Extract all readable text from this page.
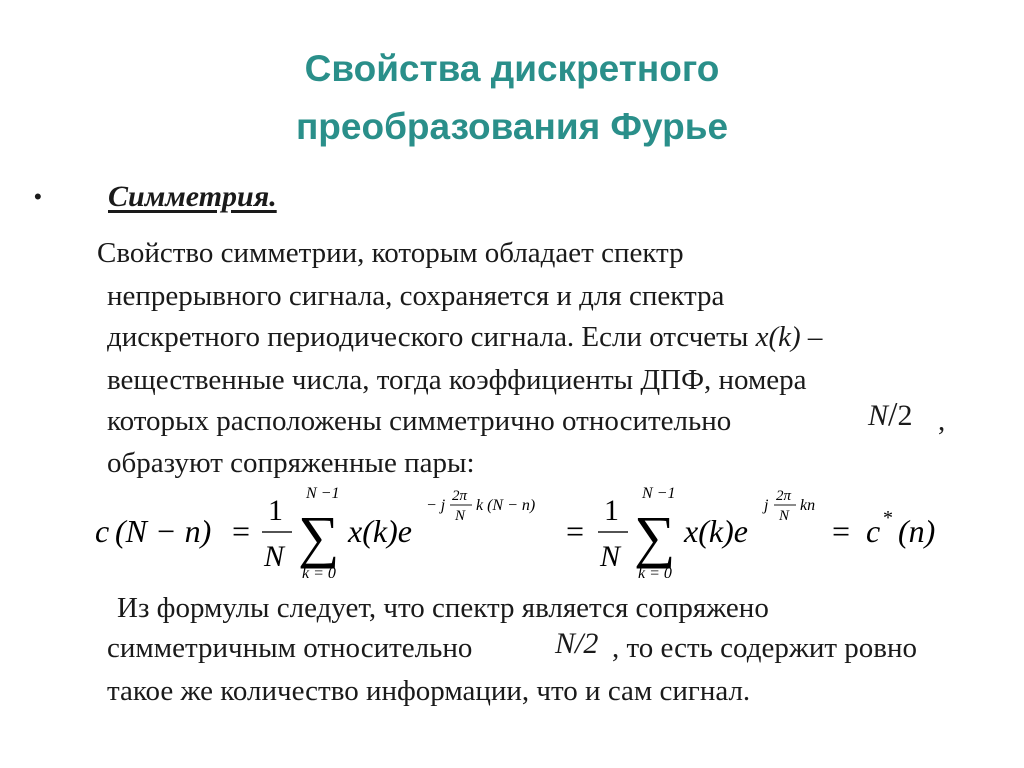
Свойства дискретного
преобразования Фурье
• Симметрия.
Свойство симметрии, которым обладает спектр
непрерывного сигнала, сохраняется и для спектра
дискретного периодического сигнала. Если отсчеты x(k) –
вещественные числа, тогда коэффициенты ДПФ, номера
которых расположены симметрично относительно	N/2 ,
образуют сопряженные пары:
c (N − n) =
1
N
N −1
∑
k = 0
x(k)e
− j
2π
N
k (N − n)
=
1
N
N −1
∑
k = 0
x(k)e
j
2π
N
kn
= c * (n)
Из формулы следует, что спектр является сопряжено
симметричным относительно	N/2 , то есть содержит ровно
такое же количество информации, что и сам сигнал.
